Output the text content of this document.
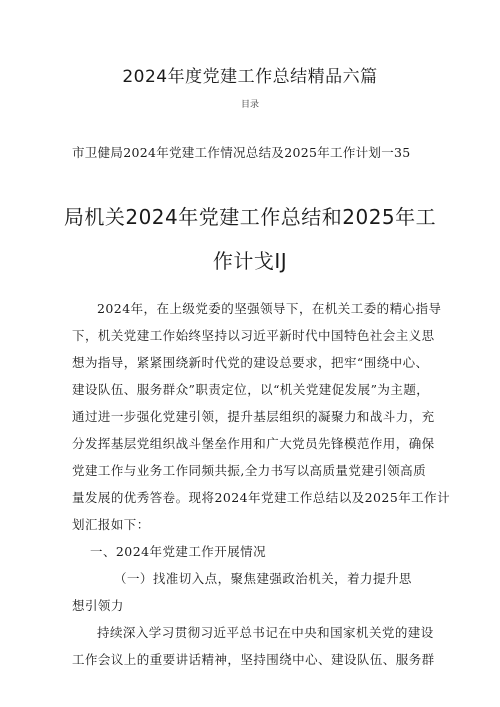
2024年度党建工作总结精品六篇
目录
市卫健局2024年党建工作情况总结及2025年工作计划一35
局机关2024年党建工作总结和2025年工
作计戈IJ
2024年，在上级党委的坚强领导下，在机关工委的精心指导
下，机关党建工作始终坚持以习近平新时代中国特色社会主义思
想为指导，紧紧围绕新时代党的建设总要求，把牢“围绕中心、
建设队伍、服务群众”职责定位，以“机关党建促发展”为主题，
通过进一步强化党建引领，提升基层组织的凝聚力和战斗力，充
分发挥基层党组织战斗堡垒作用和广大党员先锋模范作用，确保
党建工作与业务工作同频共振,全力书写以高质量党建引领高质
量发展的优秀答卷。现将2024年党建工作总结以及2025年工作计
划汇报如下：
一、2024年党建工作开展情况
（一）找准切入点，聚焦建强政治机关，着力提升思
想引领力
持续深入学习贯彻习近平总书记在中央和国家机关党的建设
工作会议上的重要讲话精神，坚持围绕中心、建设队伍、服务群
